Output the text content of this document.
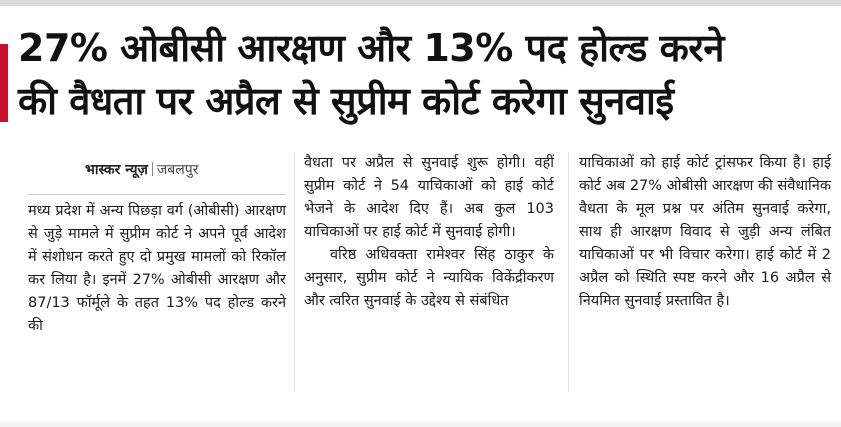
27% ओबीसी आरक्षण और 13% पद होल्ड करने
की वैधता पर अप्रैल से सुप्रीम कोर्ट करेगा सुनवाई
भास्कर न्यूज़ जबलपुर

मध्य प्रदेश में अन्य पिछड़ा वर्ग (ओबीसी) आरक्षण से जुड़े मामले में सुप्रीम कोर्ट ने अपने पूर्व आदेश में संशोधन करते हुए दो प्रमुख मामलों को रिकॉल कर लिया है। इनमें 27% ओबीसी आरक्षण और 87/13 फॉर्मूले के तहत 13% पद होल्ड करने की

वैधता पर अप्रैल से सुनवाई शुरू होगी। वहीं सुप्रीम कोर्ट ने 54 याचिकाओं को हाई कोर्ट भेजने के आदेश दिए हैं। अब कुल 103 याचिकाओं पर हाई कोर्ट में सुनवाई होगी।

वरिष्ठ अधिवक्ता रामेश्वर सिंह ठाकुर के अनुसार, सुप्रीम कोर्ट ने न्यायिक विकेंद्रीकरण और त्वरित सुनवाई के उद्देश्य से संबंधित

याचिकाओं को हाई कोर्ट ट्रांसफर किया है। हाई कोर्ट अब 27% ओबीसी आरक्षण की संवैधानिक वैधता के मूल प्रश्न पर अंतिम सुनवाई करेगा, साथ ही आरक्षण विवाद से जुड़ी अन्य लंबित याचिकाओं पर भी विचार करेगा। हाई कोर्ट में 2 अप्रैल को स्थिति स्पष्ट करने और 16 अप्रैल से नियमित सुनवाई प्रस्तावित है।
